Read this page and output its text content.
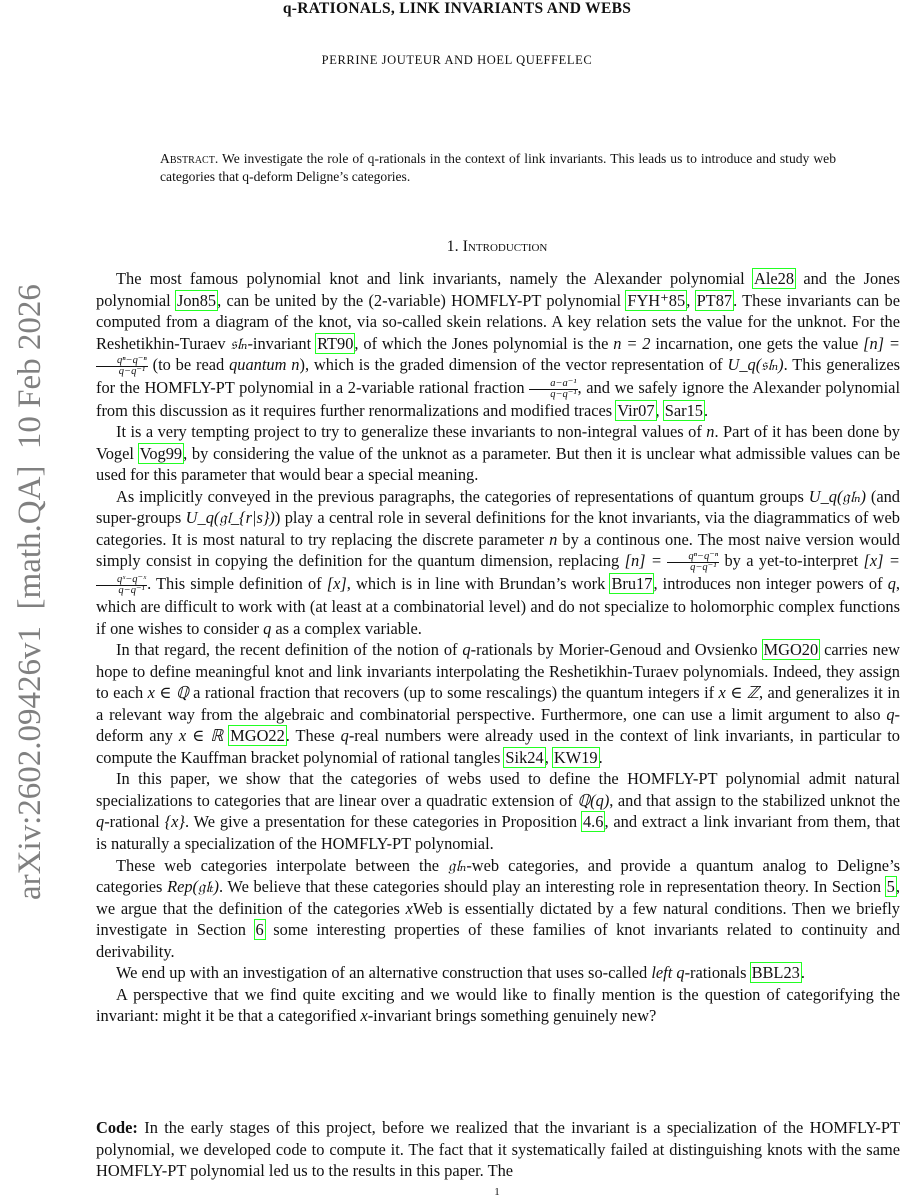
q-RATIONALS, LINK INVARIANTS AND WEBS
PERRINE JOUTEUR AND HOEL QUEFFELEC
arXiv:2602.09426v1  [math.QA]  10 Feb 2026
Abstract. We investigate the role of q-rationals in the context of link invariants. This leads us to introduce and study web categories that q-deform Deligne’s categories.
1. Introduction

The most famous polynomial knot and link invariants, namely the Alexander polynomial Ale28 and the Jones polynomial Jon85, can be united by the (2-variable) HOMFLY-PT polynomial FYH⁺85, PT87. These invariants can be computed from a diagram of the knot, via so-called skein relations. A key relation sets the value for the unknot. For the Reshetikhin-Turaev 𝔰𝔩ₙ-invariant RT90, of which the Jones polynomial is the n = 2 incarnation, one gets the value [n] =
$\frac{\text{qⁿ−q⁻ⁿ}}{\text{q−q⁻¹}} (to$ be read quantum n), which is the graded dimension of the vector representation of U_q(𝔰𝔩ₙ). This generalizes for the HOMFLY-PT polynomial in a 2-variable rational fraction $\frac{\text{a−a⁻¹}}{\text{q−q⁻¹}}$ , and we safely ignore the Alexander polynomial from this discussion as it requires further renormalizations and modified traces Vir07, Sar15.

It is a very tempting project to try to generalize these invariants to non-integral values of n. Part of it has been done by Vogel Vog99, by considering the value of the unknot as a parameter. But then it is unclear what admissible values can be used for this parameter that would bear a special meaning.

As implicitly conveyed in the previous paragraphs, the categories of representations of quantum groups U_q(𝔤𝔩ₙ) (and super-groups U_q(𝔤𝔩_{r|s})) play a central role in several definitions for the knot invariants, via the diagrammatics of web categories. It is most natural to try replacing the discrete parameter n by a continous one. The most naive version would simply consist in copying the definition for the quantum dimension, replacing $[n] = \frac{\text{qⁿ−q⁻ⁿ}}{\text{q−q⁻¹}}$ by a yet-to-interpret [x] =
$\frac{\text{qˣ−q⁻ˣ}}{\text{q−q⁻¹}}$ . This simple definition of [x], which is in line with Brundan’s work Bru17, introduces non integer powers of q, which are difficult to work with (at least at a combinatorial level) and do not specialize to holomorphic complex functions if one wishes to consider q as a complex variable.

In that regard, the recent definition of the notion of q-rationals by Morier-Genoud and Ovsienko MGO20 carries new hope to define meaningful knot and link invariants interpolating the Reshetikhin-Turaev polynomials. Indeed, they assign to each x ∈ ℚ a rational fraction that recovers (up to some rescalings) the quantum integers if x ∈ ℤ, and generalizes it in a relevant way from the algebraic and combinatorial perspective. Furthermore, one can use a limit argument to also q-deform any x ∈ ℝ MGO22. These q-real numbers were already used in the context of link invariants, in particular to compute the Kauffman bracket polynomial of rational tangles Sik24, KW19.

In this paper, we show that the categories of webs used to define the HOMFLY-PT polynomial admit natural specializations to categories that are linear over a quadratic extension of ℚ(q), and that assign to the stabilized unknot the q-rational {x}. We give a presentation for these categories in Proposition 4.6, and extract a link invariant from them, that is naturally a specialization of the HOMFLY-PT polynomial.

These web categories interpolate between the 𝔤𝔩ₙ-web categories, and provide a quantum analog to Deligne’s categories Rep(𝔤𝔩ₜ). We believe that these categories should play an interesting role in representation theory. In Section 5, we argue that the definition of the categories xWeb is essentially dictated by a few natural conditions. Then we briefly investigate in Section 6 some interesting properties of these families of knot invariants related to continuity and derivability.

We end up with an investigation of an alternative construction that uses so-called left q-rationals BBL23.

A perspective that we find quite exciting and we would like to finally mention is the question of categorifying the invariant: might it be that a categorified x-invariant brings something genuinely new?

Code: In the early stages of this project, before we realized that the invariant is a specialization of the HOMFLY-PT polynomial, we developed code to compute it. The fact that it systematically failed at distinguishing knots with the same HOMFLY-PT polynomial led us to the results in this paper. The
1
